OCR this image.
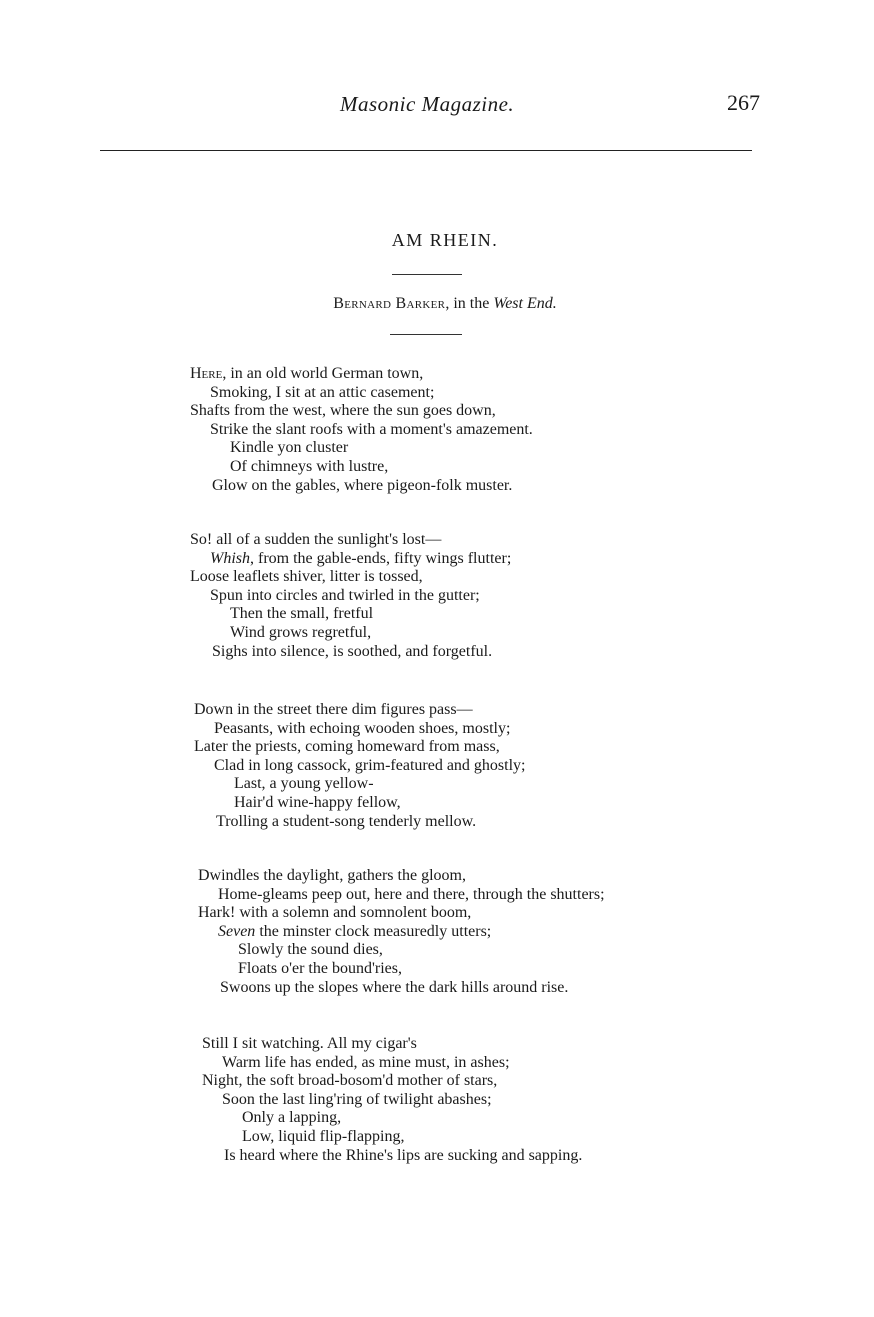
Masonic Magazine.	267
AM RHEIN.
Bernard Barker, in the West End.
Here, in an old world German town,
Smoking, I sit at an attic casement;
Shafts from the west, where the sun goes down,
Strike the slant roofs with a moment's amazement.
Kindle yon cluster
Of chimneys with lustre,
Glow on the gables, where pigeon-folk muster.
So! all of a sudden the sunlight's lost—
Whish, from the gable-ends, fifty wings flutter;
Loose leaflets shiver, litter is tossed,
Spun into circles and twirled in the gutter;
Then the small, fretful
Wind grows regretful,
Sighs into silence, is soothed, and forgetful.
Down in the street there dim figures pass—
Peasants, with echoing wooden shoes, mostly;
Later the priests, coming homeward from mass,
Clad in long cassock, grim-featured and ghostly;
Last, a young yellow-
Hair'd wine-happy fellow,
Trolling a student-song tenderly mellow.
Dwindles the daylight, gathers the gloom,
Home-gleams peep out, here and there, through the shutters;
Hark! with a solemn and somnolent boom,
Seven the minster clock measuredly utters;
Slowly the sound dies,
Floats o'er the bound'ries,
Swoons up the slopes where the dark hills around rise.
Still I sit watching. All my cigar's
Warm life has ended, as mine must, in ashes;
Night, the soft broad-bosom'd mother of stars,
Soon the last ling'ring of twilight abashes;
Only a lapping,
Low, liquid flip-flapping,
Is heard where the Rhine's lips are sucking and sapping.
